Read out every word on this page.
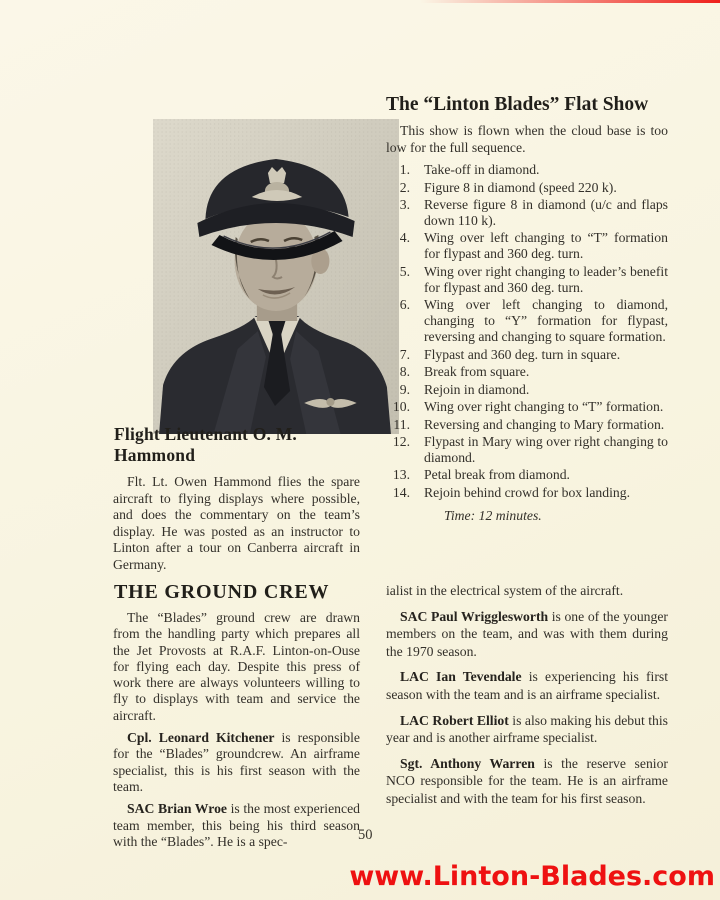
Flight Lieutenant O. M.
Hammond

Flt. Lt. Owen Hammond flies the spare aircraft to flying displays where possible, and does the commentary on the team’s display. He was posted as an instructor to Linton after a tour on Canberra aircraft in Germany.

THE GROUND CREW

The “Blades” ground crew are drawn from the handling party which prepares all the Jet Provosts at R.A.F. Linton-on-Ouse for flying each day. Despite this press of work there are always volunteers willing to fly to displays with team and service the aircraft.

Cpl. Leonard Kitchener is responsible for the “Blades” groundcrew. An airframe specialist, this is his first season with the team.

SAC Brian Wroe is the most experienced team member, this being his third season with the “Blades”. He is a spec-

The “Linton Blades” Flat Show

This show is flown when the cloud base is too low for the full sequence.

1. Take-off in diamond.
2. Figure 8 in diamond (speed 220 k).
3. Reverse figure 8 in diamond (u/c and flaps down 110 k).
4. Wing over left changing to “T” formation for flypast and 360 deg. turn.
5. Wing over right changing to leader’s benefit for flypast and 360 deg. turn.
6. Wing over left changing to diamond, changing to “Y” formation for flypast, reversing and changing to square formation.
7. Flypast and 360 deg. turn in square.
8. Break from square.
9. Rejoin in diamond.
10. Wing over right changing to “T” formation.
11. Reversing and changing to Mary formation.
12. Flypast in Mary wing over right changing to diamond.
13. Petal break from diamond.
14. Rejoin behind crowd for box landing.

Time: 12 minutes.

ialist in the electrical system of the aircraft.

SAC Paul Wrigglesworth is one of the younger members on the team, and was with them during the 1970 season.

LAC Ian Tevendale is experiencing his first season with the team and is an airframe specialist.

LAC Robert Elliot is also making his debut this year and is another airframe specialist.

Sgt. Anthony Warren is the reserve senior NCO responsible for the team. He is an airframe specialist and with the team for his first season.

50

www.Linton-Blades.com
